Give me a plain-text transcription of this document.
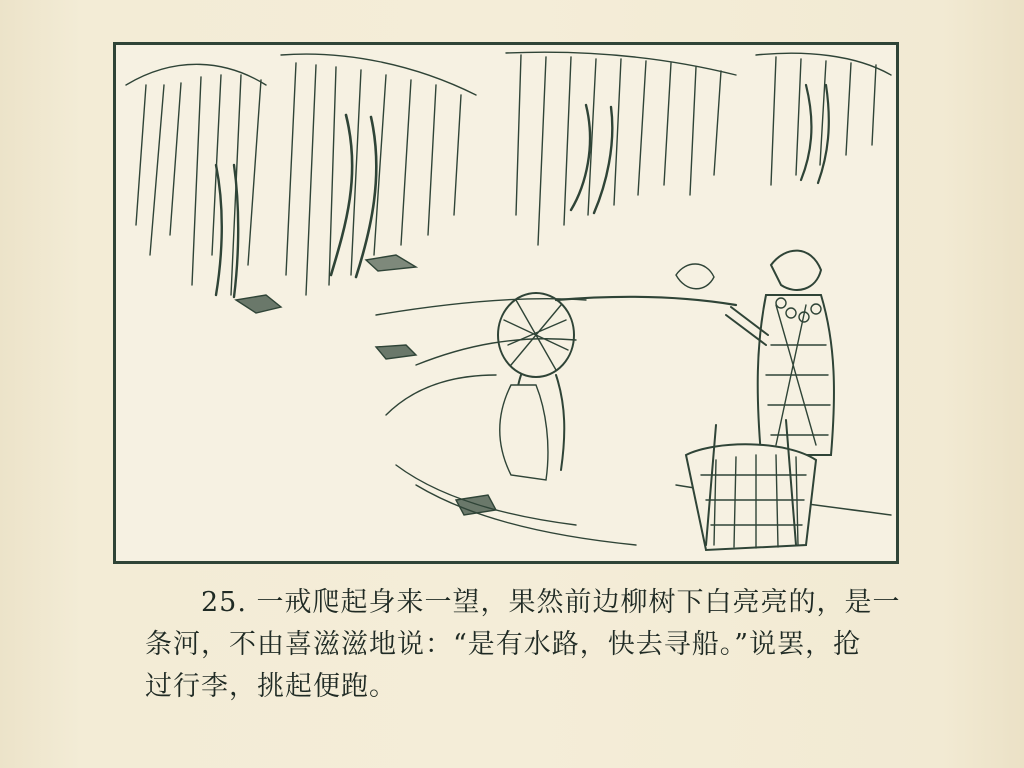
　　25. 一戒爬起身来一望，果然前边柳树下白亮亮的，是一
条河，不由喜滋滋地说：“是有水路，快去寻船。”说罢，抢
过行李，挑起便跑。
